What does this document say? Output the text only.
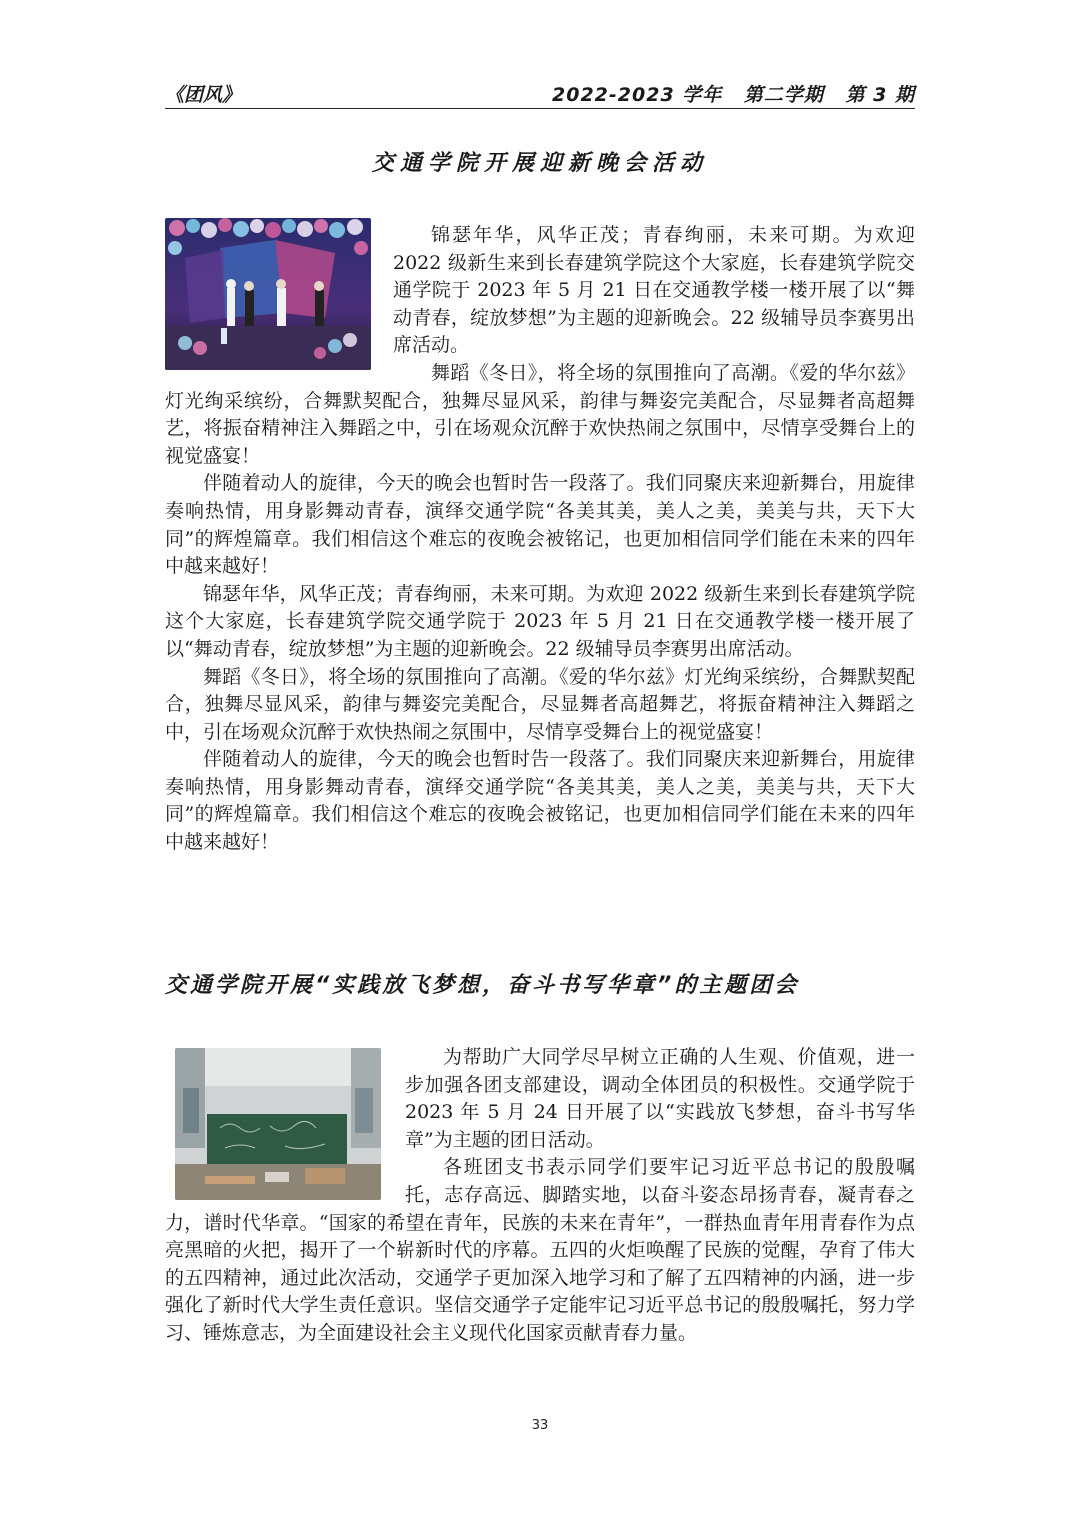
《团风》	2022-2023 学年 第二学期 第 3 期
交通学院开展迎新晚会活动

锦瑟年华，风华正茂；青春绚丽，未来可期。为欢迎 2022 级新生来到长春建筑学院这个大家庭，长春建筑学院交通学院于 2023 年 5 月 21 日在交通教学楼一楼开展了以“舞动青春，绽放梦想”为主题的迎新晚会。22 级辅导员李赛男出席活动。

舞蹈《冬日》，将全场的氛围推向了高潮。《爱的华尔兹》灯光绚采缤纷，合舞默契配合，独舞尽显风采，韵律与舞姿完美配合，尽显舞者高超舞艺，将振奋精神注入舞蹈之中，引在场观众沉醉于欢快热闹之氛围中，尽情享受舞台上的视觉盛宴！

伴随着动人的旋律，今天的晚会也暂时告一段落了。我们同聚庆来迎新舞台，用旋律奏响热情，用身影舞动青春，演绎交通学院“各美其美，美人之美，美美与共，天下大同”的辉煌篇章。我们相信这个难忘的夜晚会被铭记，也更加相信同学们能在未来的四年中越来越好！

锦瑟年华，风华正茂；青春绚丽，未来可期。为欢迎 2022 级新生来到长春建筑学院这个大家庭，长春建筑学院交通学院于 2023 年 5 月 21 日在交通教学楼一楼开展了以“舞动青春，绽放梦想”为主题的迎新晚会。22 级辅导员李赛男出席活动。

舞蹈《冬日》，将全场的氛围推向了高潮。《爱的华尔兹》灯光绚采缤纷，合舞默契配合，独舞尽显风采，韵律与舞姿完美配合，尽显舞者高超舞艺，将振奋精神注入舞蹈之中，引在场观众沉醉于欢快热闹之氛围中，尽情享受舞台上的视觉盛宴！

伴随着动人的旋律，今天的晚会也暂时告一段落了。我们同聚庆来迎新舞台，用旋律奏响热情，用身影舞动青春，演绎交通学院“各美其美，美人之美，美美与共，天下大同”的辉煌篇章。我们相信这个难忘的夜晚会被铭记，也更加相信同学们能在未来的四年中越来越好！

交通学院开展“实践放飞梦想，奋斗书写华章”的主题团会

为帮助广大同学尽早树立正确的人生观、价值观，进一步加强各团支部建设，调动全体团员的积极性。交通学院于 2023 年 5 月 24 日开展了以“实践放飞梦想，奋斗书写华章”为主题的团日活动。

各班团支书表示同学们要牢记习近平总书记的殷殷嘱托，志存高远、脚踏实地，以奋斗姿态昂扬青春，凝青春之力，谱时代华章。“国家的希望在青年，民族的未来在青年”，一群热血青年用青春作为点亮黑暗的火把，揭开了一个崭新时代的序幕。五四的火炬唤醒了民族的觉醒，孕育了伟大的五四精神，通过此次活动，交通学子更加深入地学习和了解了五四精神的内涵，进一步强化了新时代大学生责任意识。坚信交通学子定能牢记习近平总书记的殷殷嘱托，努力学习、锤炼意志，为全面建设社会主义现代化国家贡献青春力量。

33
